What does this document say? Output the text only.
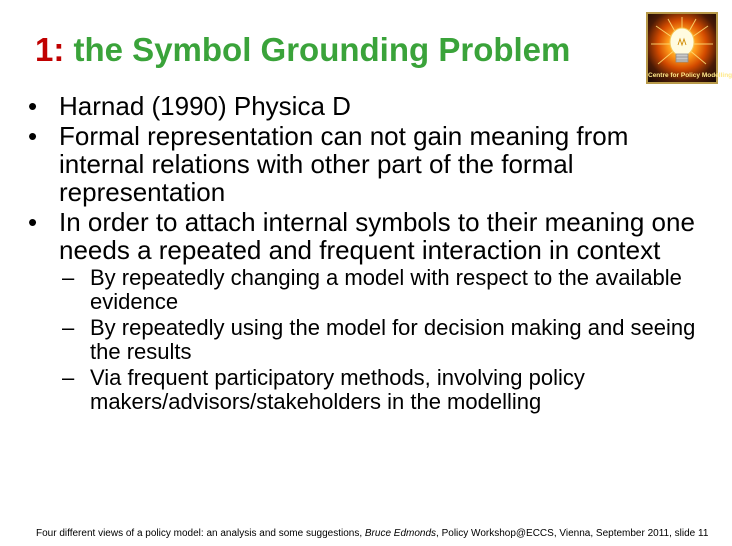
1: the Symbol Grounding Problem
Centre for Policy Modelling
• Harnad (1990) Physica D
• Formal representation can not gain meaning from internal relations with other part of the formal representation
• In order to attach internal symbols to their meaning one needs a repeated and frequent interaction in context
– By repeatedly changing a model with respect to the available evidence
– By repeatedly using the model for decision making and seeing the results
– Via frequent participatory methods, involving policy makers/advisors/stakeholders in the modelling
Four different views of a policy model: an analysis and some suggestions, Bruce Edmonds, Policy Workshop@ECCS, Vienna, September 2011, slide 11
